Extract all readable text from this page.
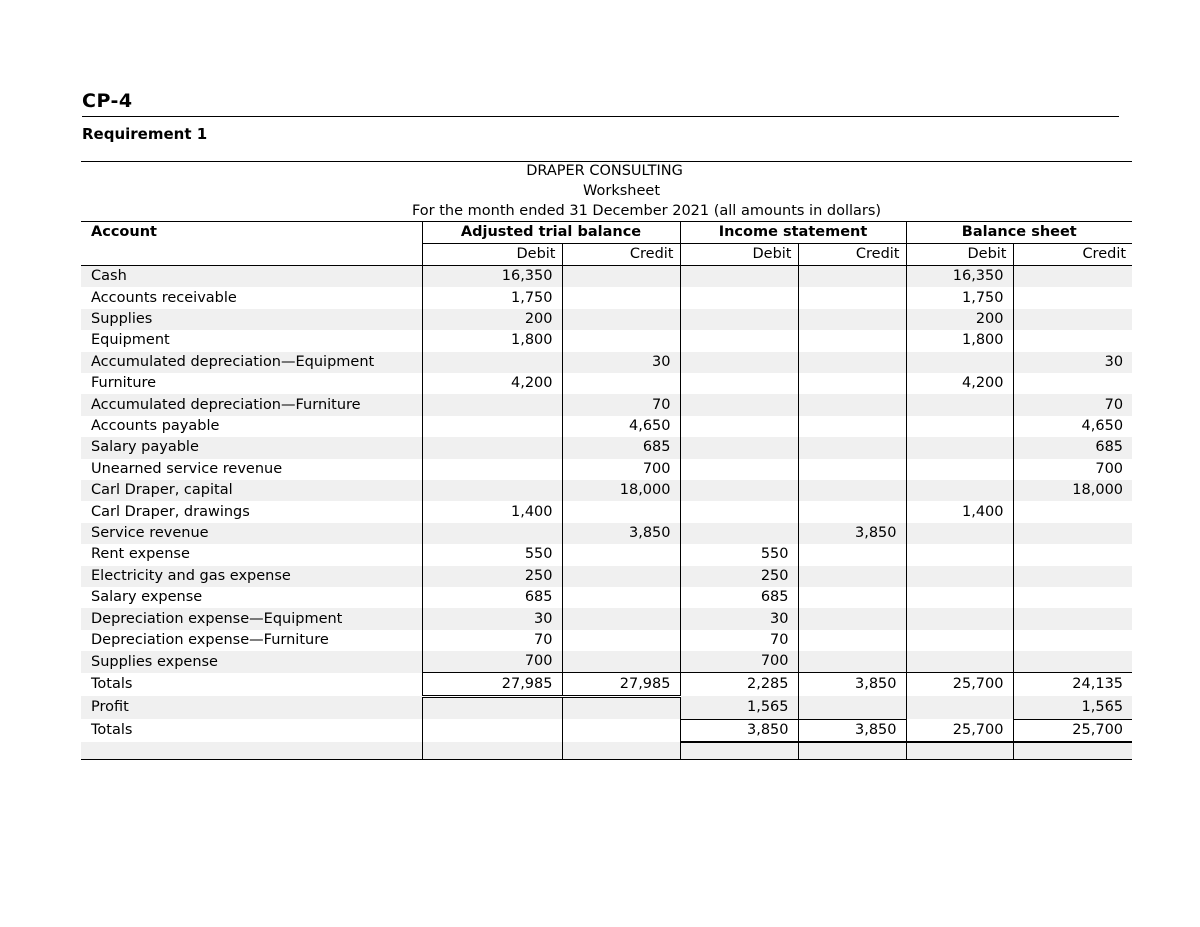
CP-4
Requirement 1
DRAPER CONSULTING						
Worksheet						
For the month ended 31 December 2021 (all amounts in dollars)						
Account	Adjusted trial balance		Income statement		Balance sheet	
	Debit	Credit	Debit	Credit	Debit	Credit
Cash	16,350				16,350	
Accounts receivable	1,750				1,750	
Supplies	200				200	
Equipment	1,800				1,800	
Accumulated depreciation—Equipment		30				30
Furniture	4,200				4,200	
Accumulated depreciation—Furniture		70				70
Accounts payable		4,650				4,650
Salary payable		685				685
Unearned service revenue		700				700
Carl Draper, capital		18,000				18,000
Carl Draper, drawings	1,400				1,400	
Service revenue		3,850		3,850		
Rent expense	550		550			
Electricity and gas expense	250		250			
Salary expense	685		685			
Depreciation expense—Equipment	30		30			
Depreciation expense—Furniture	70		70			
Supplies expense	700		700			
Totals	27,985	27,985	2,285	3,850	25,700	24,135
Profit			1,565			1,565
Totals			3,850	3,850	25,700	25,700
